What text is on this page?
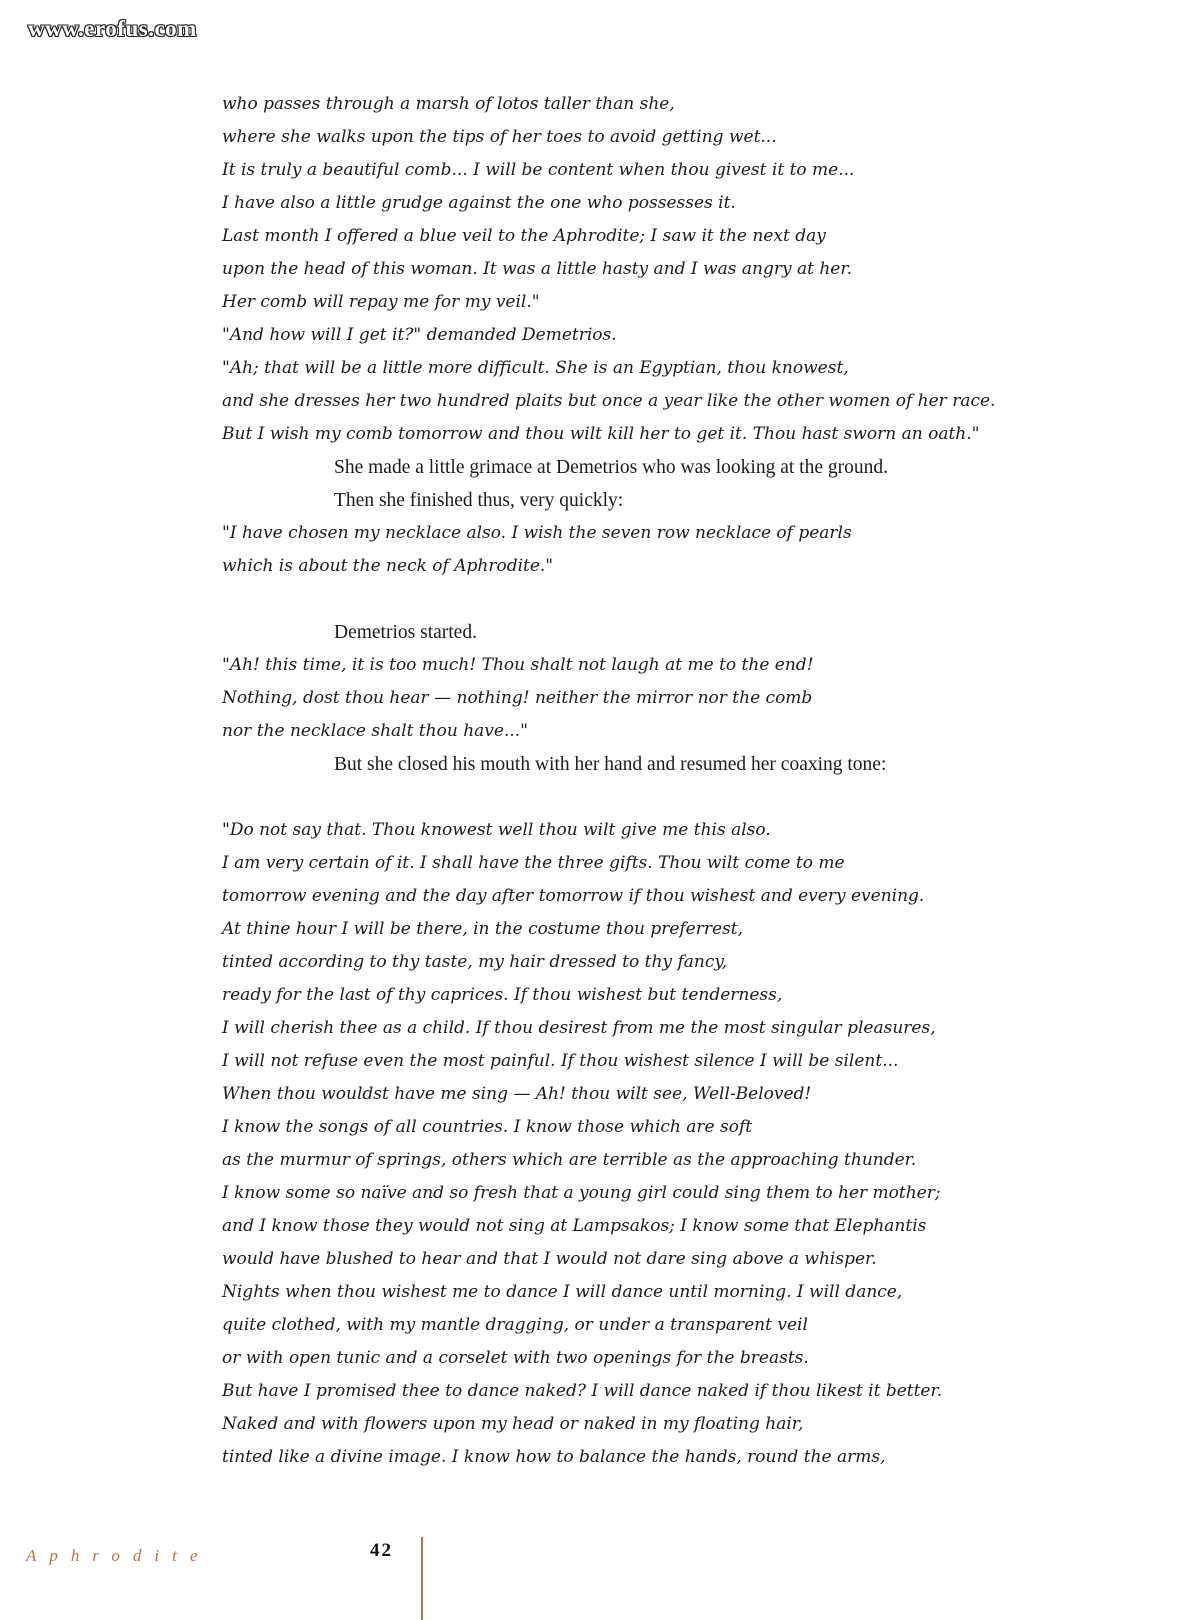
www.erofus.com
who passes through a marsh of lotos taller than she,
where she walks upon the tips of her toes to avoid getting wet...
It is truly a beautiful comb... I will be content when thou givest it to me...
I have also a little grudge against the one who possesses it.
Last month I offered a blue veil to the Aphrodite; I saw it the next day
upon the head of this woman. It was a little hasty and I was angry at her.
Her comb will repay me for my veil."
"And how will I get it?" demanded Demetrios.
"Ah; that will be a little more difficult. She is an Egyptian, thou knowest,
and she dresses her two hundred plaits but once a year like the other women of her race.
But I wish my comb tomorrow and thou wilt kill her to get it. Thou hast sworn an oath."
She made a little grimace at Demetrios who was looking at the ground.
Then she finished thus, very quickly:
"I have chosen my necklace also. I wish the seven row necklace of pearls
which is about the neck of Aphrodite."
Demetrios started.
"Ah! this time, it is too much! Thou shalt not laugh at me to the end!
Nothing, dost thou hear — nothing! neither the mirror nor the comb
nor the necklace shalt thou have..."
But she closed his mouth with her hand and resumed her coaxing tone:
"Do not say that. Thou knowest well thou wilt give me this also.
I am very certain of it. I shall have the three gifts. Thou wilt come to me
tomorrow evening and the day after tomorrow if thou wishest and every evening.
At thine hour I will be there, in the costume thou preferrest,
tinted according to thy taste, my hair dressed to thy fancy,
ready for the last of thy caprices. If thou wishest but tenderness,
I will cherish thee as a child. If thou desirest from me the most singular pleasures,
I will not refuse even the most painful. If thou wishest silence I will be silent...
When thou wouldst have me sing — Ah! thou wilt see, Well-Beloved!
I know the songs of all countries. I know those which are soft
as the murmur of springs, others which are terrible as the approaching thunder.
I know some so naïve and so fresh that a young girl could sing them to her mother;
and I know those they would not sing at Lampsakos; I know some that Elephantis
would have blushed to hear and that I would not dare sing above a whisper.
Nights when thou wishest me to dance I will dance until morning. I will dance,
quite clothed, with my mantle dragging, or under a transparent veil
or with open tunic and a corselet with two openings for the breasts.
But have I promised thee to dance naked? I will dance naked if thou likest it better.
Naked and with flowers upon my head or naked in my floating hair,
tinted like a divine image. I know how to balance the hands, round the arms,
Aphrodite	42
